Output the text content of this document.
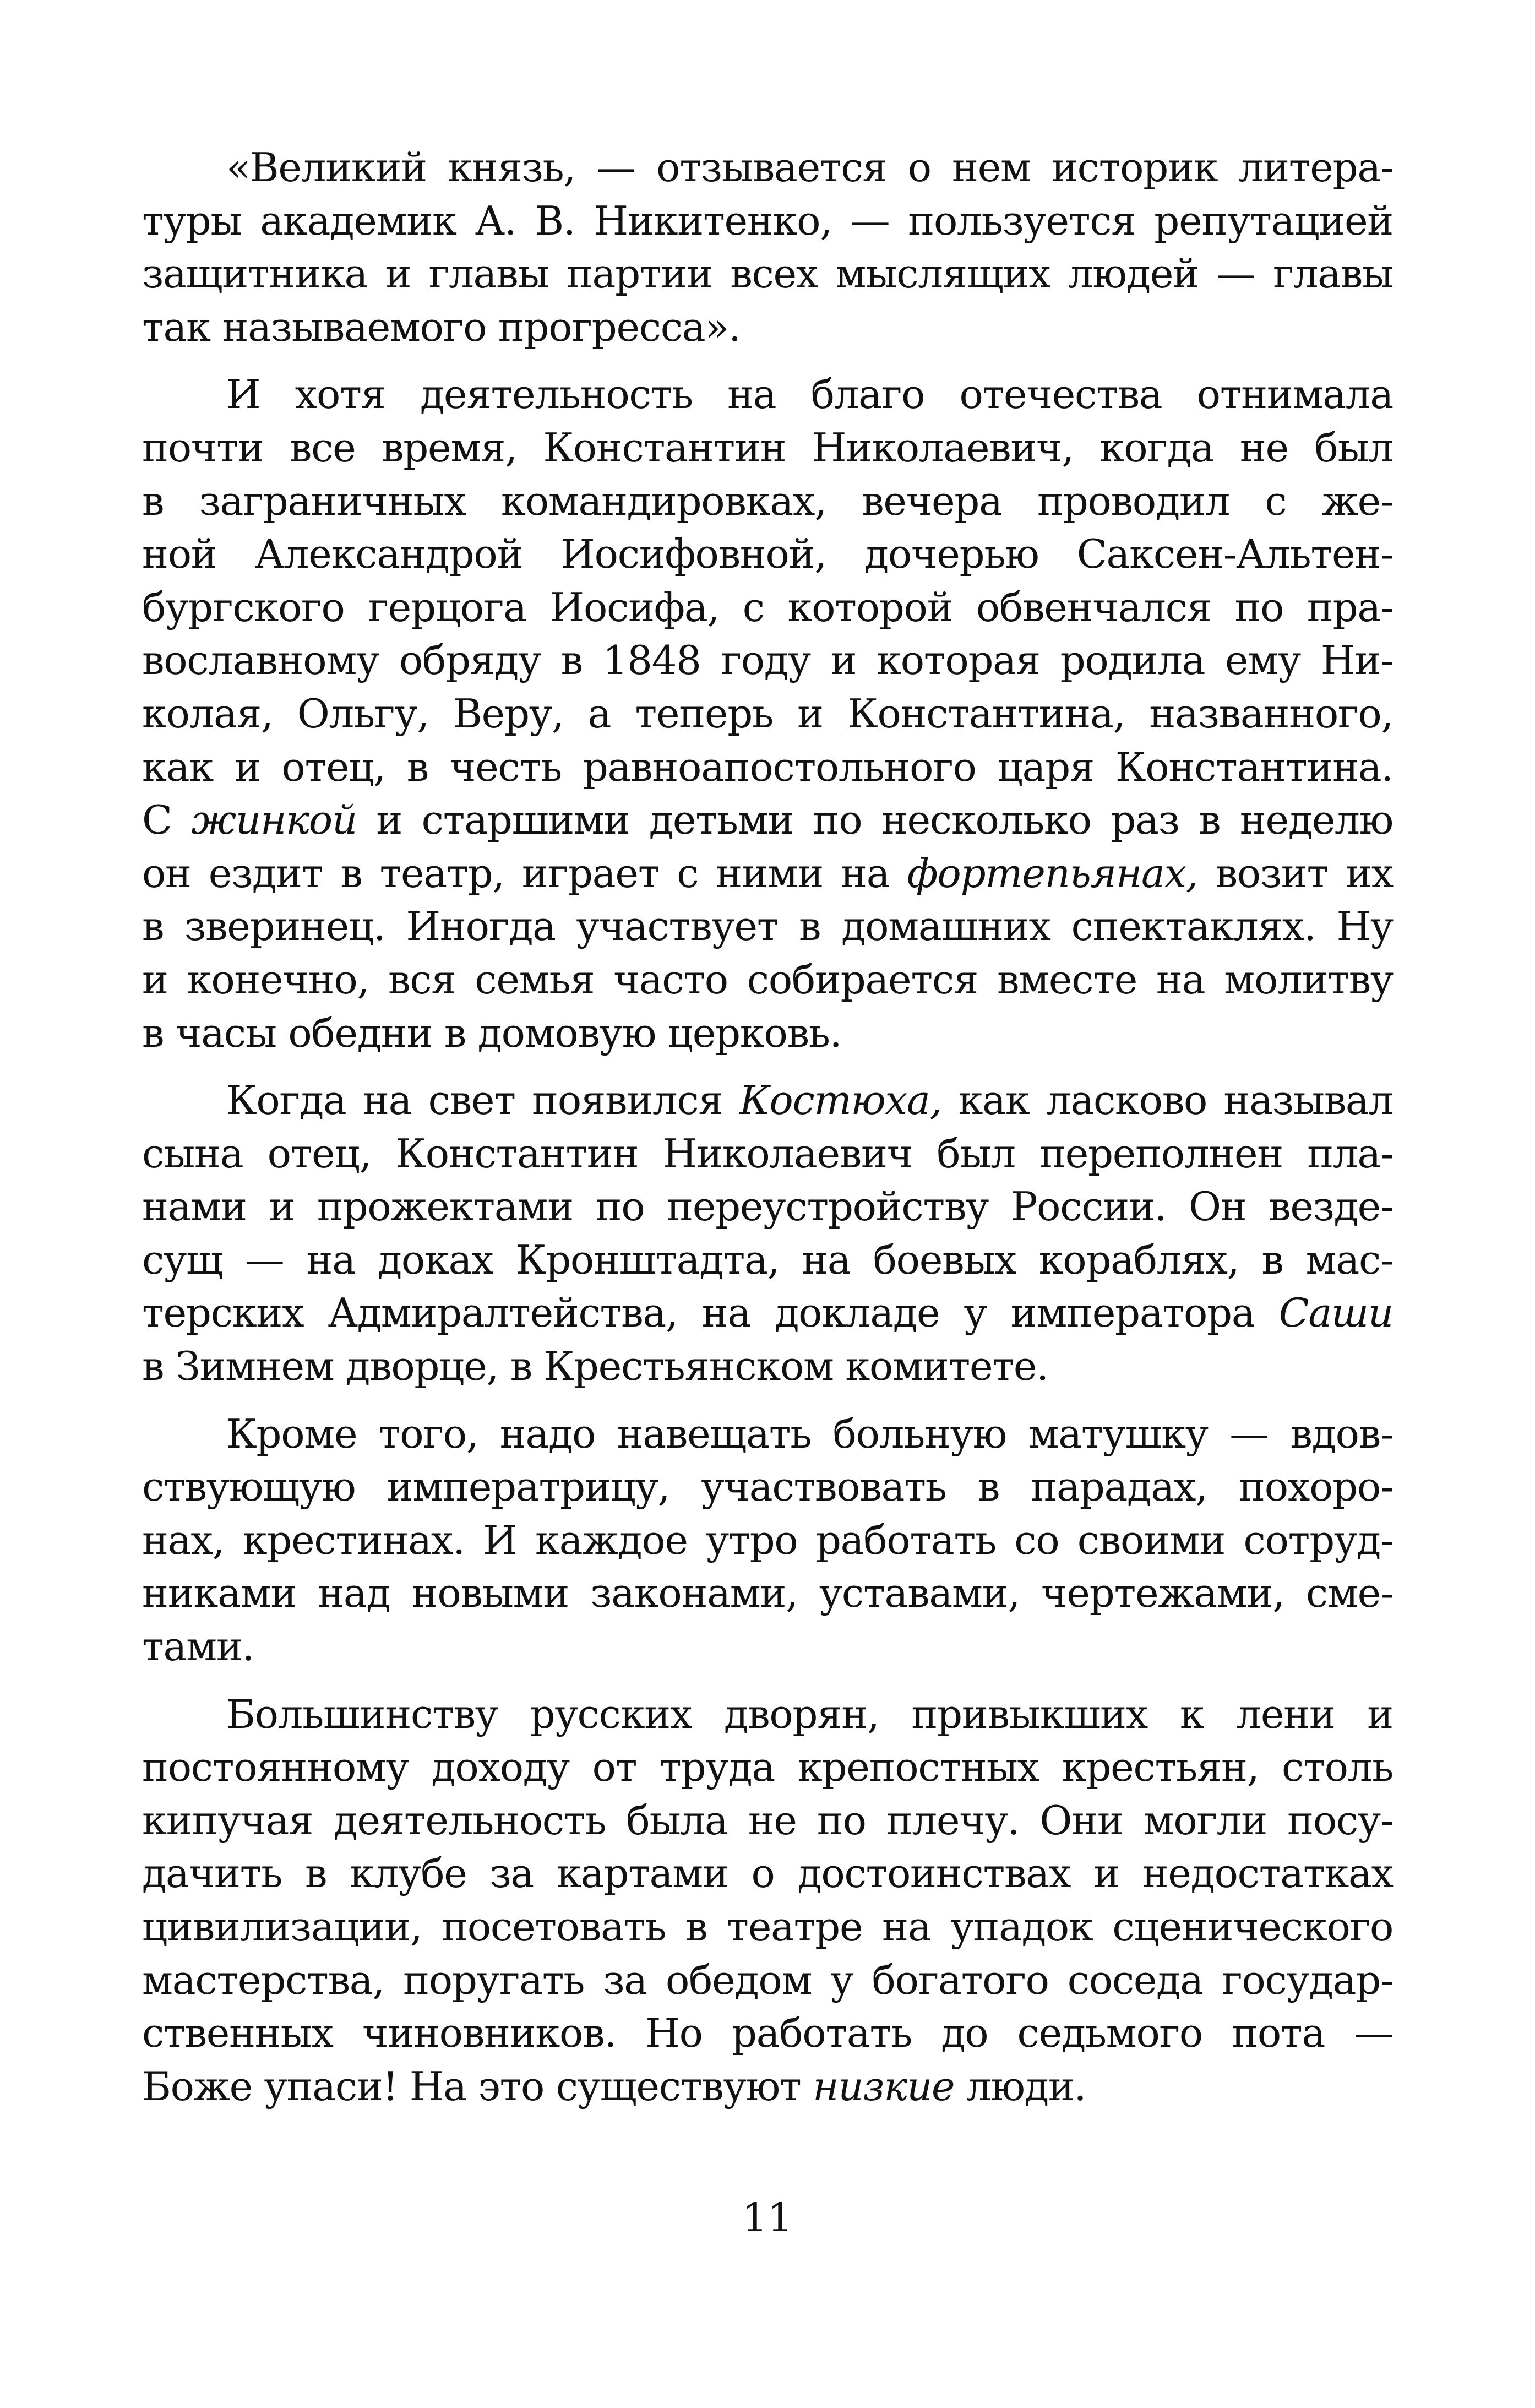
«Великий князь, — отзывается о нем историк литера-
туры академик А. В. Никитенко, — пользуется репутацией
защитника и главы партии всех мыслящих людей — главы
так называемого прогресса».
И хотя деятельность на благо отечества отнимала
почти все время, Константин Николаевич, когда не был
в заграничных командировках, вечера проводил с же-
ной Александрой Иосифовной, дочерью Саксен-Альтен-
бургского герцога Иосифа, с которой обвенчался по пра-
вославному обряду в 1848 году и которая родила ему Ни-
колая, Ольгу, Веру, а теперь и Константина, названного,
как и отец, в честь равноапостольного царя Константина.
С жинкой и старшими детьми по несколько раз в неделю
он ездит в театр, играет с ними на фортепьянах, возит их
в зверинец. Иногда участвует в домашних спектаклях. Ну
и конечно, вся семья часто собирается вместе на молитву
в часы обедни в домовую церковь.
Когда на свет появился Костюха, как ласково называл
сына отец, Константин Николаевич был переполнен пла-
нами и прожектами по переустройству России. Он везде-
сущ — на доках Кронштадта, на боевых кораблях, в мас-
терских Адмиралтейства, на докладе у императора Саши
в Зимнем дворце, в Крестьянском комитете.
Кроме того, надо навещать больную матушку — вдов-
ствующую императрицу, участвовать в парадах, похоро-
нах, крестинах. И каждое утро работать со своими сотруд-
никами над новыми законами, уставами, чертежами, сме-
тами.
Большинству русских дворян, привыкших к лени и
постоянному доходу от труда крепостных крестьян, столь
кипучая деятельность была не по плечу. Они могли посу-
дачить в клубе за картами о достоинствах и недостатках
цивилизации, посетовать в театре на упадок сценического
мастерства, поругать за обедом у богатого соседа государ-
ственных чиновников. Но работать до седьмого пота —
Боже упаси! На это существуют низкие люди.
11
